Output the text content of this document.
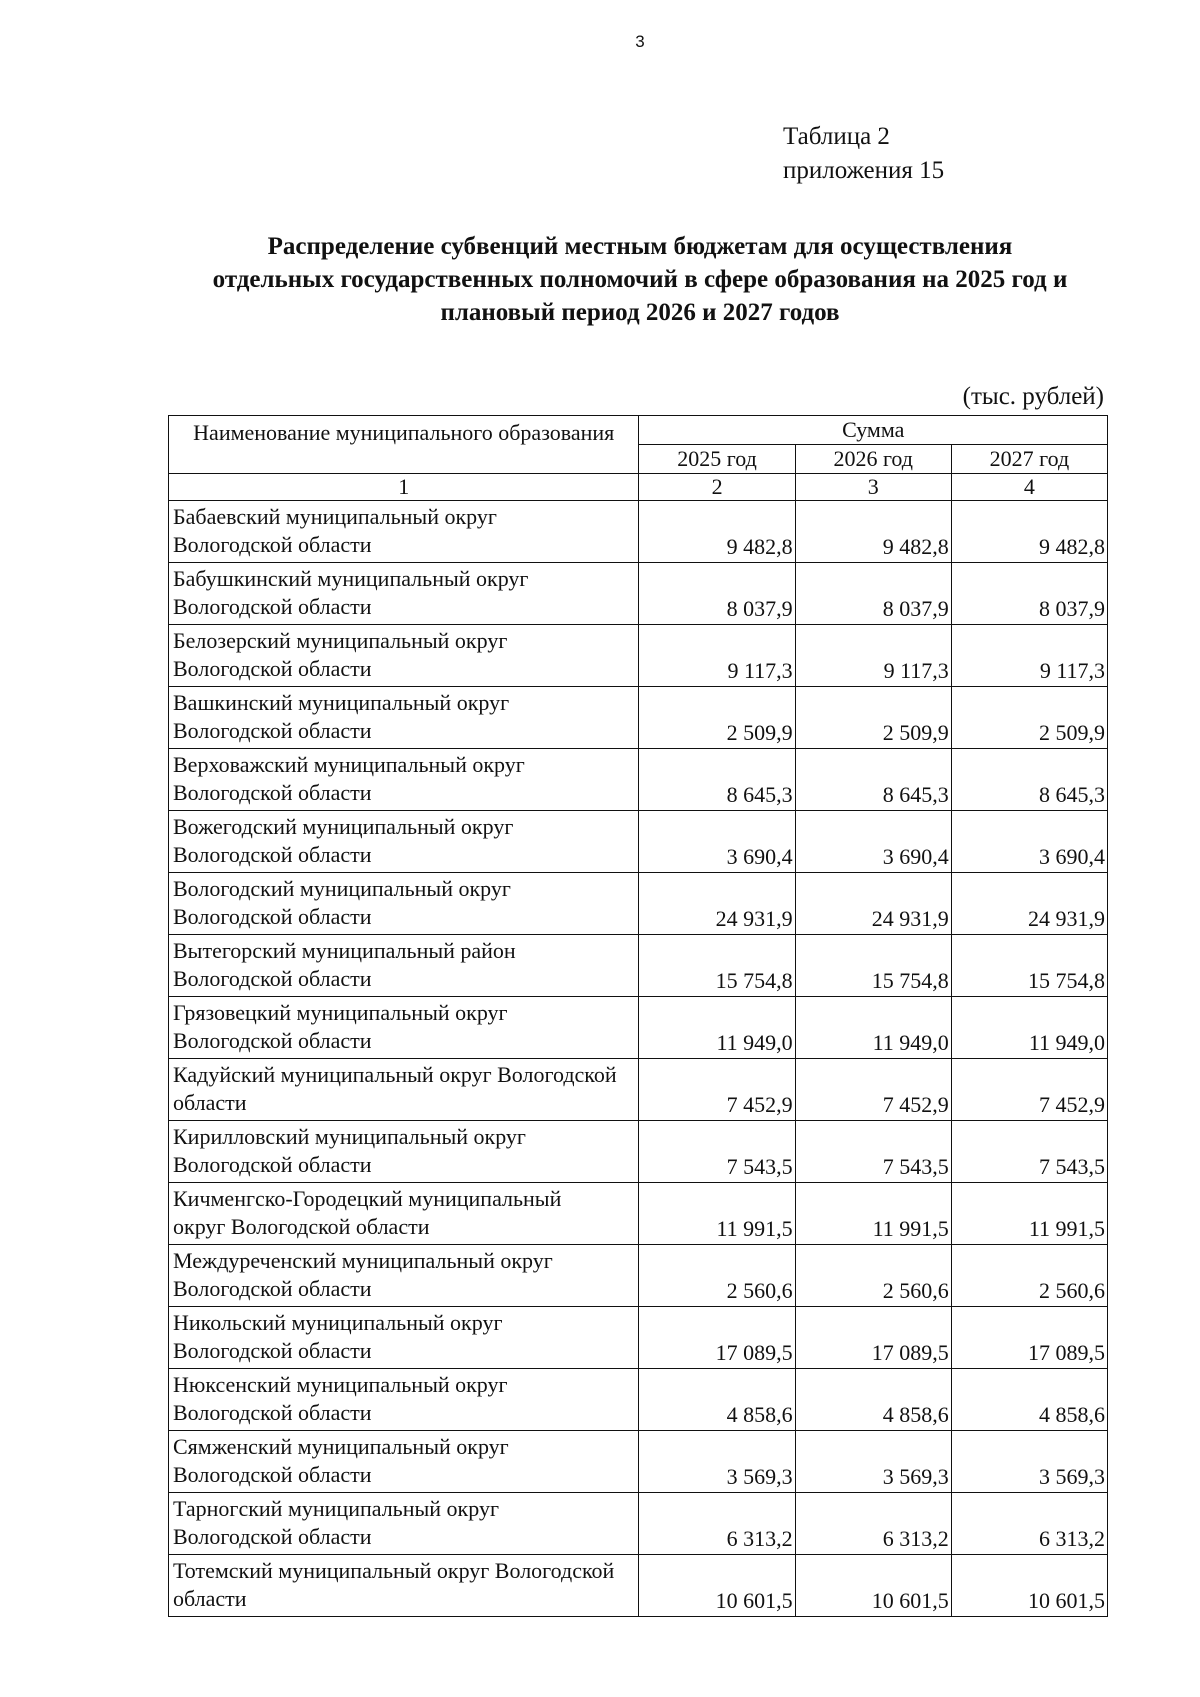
3
Таблица 2
приложения 15
Распределение субвенций местным бюджетам для осуществления
отдельных государственных полномочий в сфере образования на 2025 год и
плановый период 2026 и 2027 годов
(тыс. рублей)
Наименование муниципального образования	Сумма		
	2025 год	2026 год	2027 год
1	2	3	4

Бабаевский муниципальный округ
Вологодской области	9 482,8	9 482,8	9 482,8

Бабушкинский муниципальный округ
Вологодской области	8 037,9	8 037,9	8 037,9

Белозерский муниципальный округ
Вологодской области	9 117,3	9 117,3	9 117,3

Вашкинский муниципальный округ
Вологодской области	2 509,9	2 509,9	2 509,9

Верховажский муниципальный округ
Вологодской области	8 645,3	8 645,3	8 645,3

Вожегодский муниципальный округ
Вологодской области	3 690,4	3 690,4	3 690,4

Вологодский муниципальный округ
Вологодской области	24 931,9	24 931,9	24 931,9

Вытегорский муниципальный район
Вологодской области	15 754,8	15 754,8	15 754,8

Грязовецкий муниципальный округ
Вологодской области	11 949,0	11 949,0	11 949,0

Кадуйский муниципальный округ Вологодской
области	7 452,9	7 452,9	7 452,9

Кирилловский муниципальный округ
Вологодской области	7 543,5	7 543,5	7 543,5

Кичменгско-Городецкий муниципальный
округ Вологодской области	11 991,5	11 991,5	11 991,5

Междуреченский муниципальный округ
Вологодской области	2 560,6	2 560,6	2 560,6

Никольский муниципальный округ
Вологодской области	17 089,5	17 089,5	17 089,5

Нюксенский муниципальный округ
Вологодской области	4 858,6	4 858,6	4 858,6

Сямженский муниципальный округ
Вологодской области	3 569,3	3 569,3	3 569,3

Тарногский муниципальный округ
Вологодской области	6 313,2	6 313,2	6 313,2

Тотемский муниципальный округ Вологодской
области	10 601,5	10 601,5	10 601,5
